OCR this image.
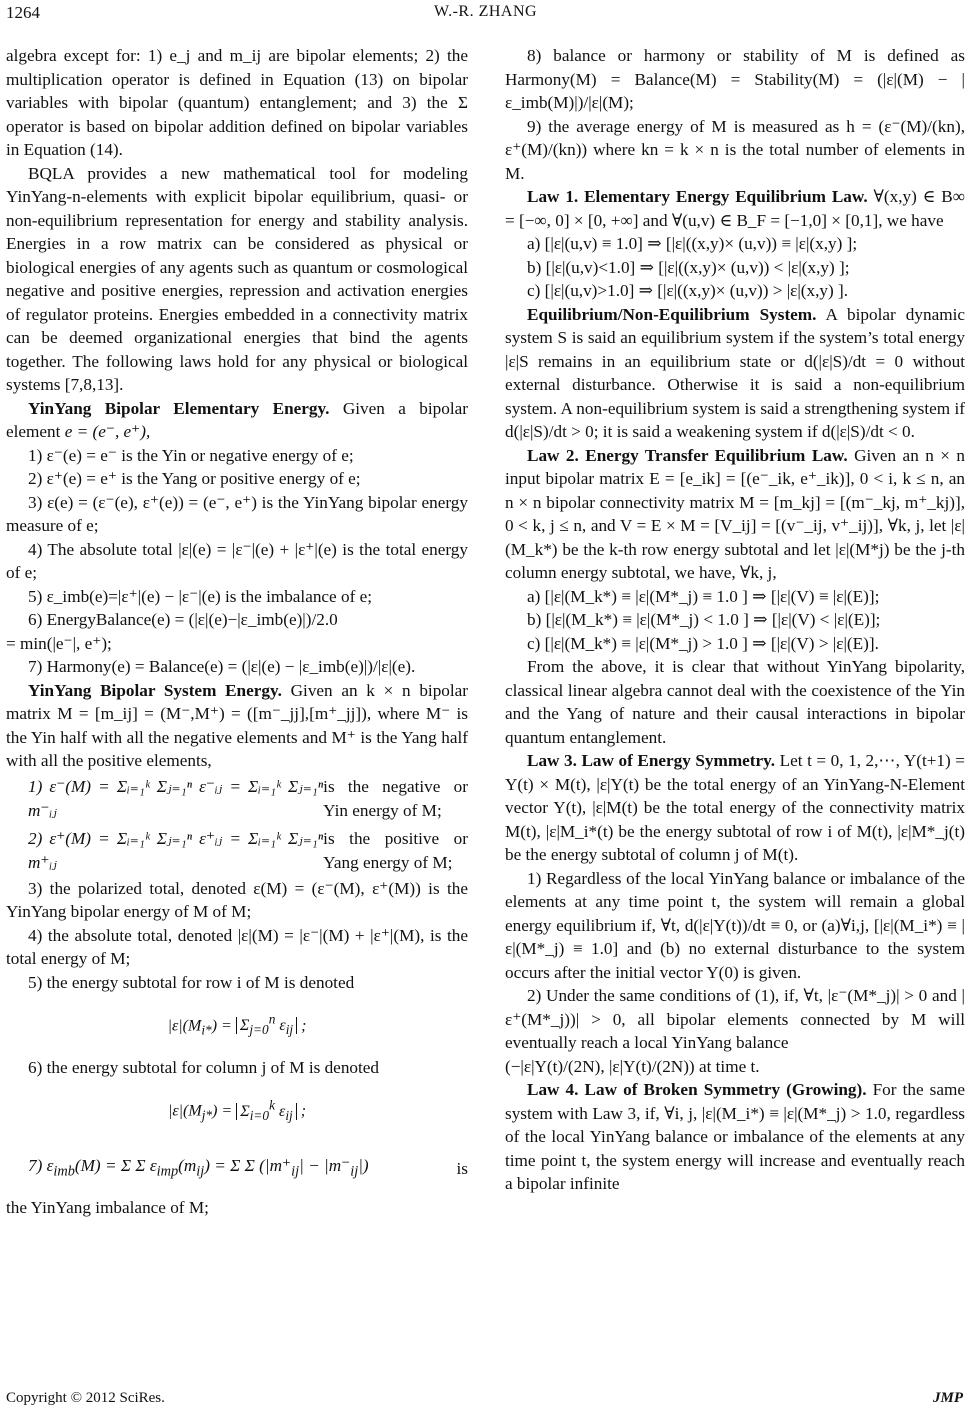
1264	W.-R. ZHANG

algebra except for: 1) e_j and m_ij are bipolar elements; 2) the multiplication operator is defined in Equation (13) on bipolar variables with bipolar (quantum) entanglement; and 3) the Σ operator is based on bipolar addition defined on bipolar variables in Equation (14).

BQLA provides a new mathematical tool for modeling YinYang-n-elements with explicit bipolar equilibrium, quasi- or non-equilibrium representation for energy and stability analysis. Energies in a row matrix can be considered as physical or biological energies of any agents such as quantum or cosmological negative and positive energies, repression and activation energies of regulator proteins. Energies embedded in a connectivity matrix can be deemed organizational energies that bind the agents together. The following laws hold for any physical or biological systems [7,8,13].

YinYang Bipolar Elementary Energy. Given a bipolar element e = (e⁻, e⁺),

1) ε⁻(e) = e⁻ is the Yin or negative energy of e;

2) ε⁺(e) = e⁺ is the Yang or positive energy of e;

3) ε(e) = (ε⁻(e), ε⁺(e)) = (e⁻, e⁺) is the YinYang bipolar energy measure of e;

4) The absolute total |ε|(e) = |ε⁻|(e) + |ε⁺|(e) is the total energy of e;

5) ε_imb(e)=|ε⁺|(e) − |ε⁻|(e) is the imbalance of e;

6) EnergyBalance(e) = (|ε|(e)−|ε_imb(e)|)/2.0

= min(|e⁻|, e⁺);

7) Harmony(e) = Balance(e) = (|ε|(e) − |ε_imb(e)|)/|ε|(e).

YinYang Bipolar System Energy. Given an k × n bipolar matrix M = [m_ij] = (M⁻,M⁺) = ([m⁻_jj],[m⁺_jj]), where M⁻ is the Yin half with all the negative elements and M⁺ is the Yang half with all the positive elements,

1) ε⁻(M) = Σᵢ₌₁ᵏ Σⱼ₌₁ⁿ ε⁻ᵢⱼ = Σᵢ₌₁ᵏ Σⱼ₌₁ⁿ m⁻ᵢⱼ
is the negative or Yin energy of M;
2) ε⁺(M) = Σᵢ₌₁ᵏ Σⱼ₌₁ⁿ ε⁺ᵢⱼ = Σᵢ₌₁ᵏ Σⱼ₌₁ⁿ m⁺ᵢⱼ
is the positive or Yang energy of M;

3) the polarized total, denoted ε(M) = (ε⁻(M), ε⁺(M)) is the YinYang bipolar energy of M of M;

4) the absolute total, denoted |ε|(M) = |ε⁻|(M) + |ε⁺|(M), is the total energy of M;

5) the energy subtotal for row i of M is denoted

$|\varepsilon|(M_{i*}) = \Sigma_{j=0}^n$ $\varepsilon_{ij}$ ;

6) the energy subtotal for column j of M is denoted

$|\varepsilon|(M_{j*}) = \Sigma_{i=0}^k$ $\varepsilon_{ij}$ ;
7) $\varepsilon_{imb}(M) = \Sigma$ Σ $\varepsilon_{imp}(m_{ij}) = \Sigma$ Σ $(|m^+_{ij}| - |m^-_{ij}|)$	is

the YinYang imbalance of M;

8) balance or harmony or stability of M is defined as Harmony(M) = Balance(M) = Stability(M) = (|ε|(M) − |ε_imb(M)|)/|ε|(M);

9) the average energy of M is measured as h = (ε⁻(M)/(kn), ε⁺(M)/(kn)) where kn = k × n is the total number of elements in M.

Law 1. Elementary Energy Equilibrium Law. ∀(x,y) ∈ B∞ = [−∞, 0] × [0, +∞] and ∀(u,v) ∈ B_F = [−1,0] × [0,1], we have

a) [|ε|(u,v) ≡ 1.0] ⇒ [|ε|((x,y)× (u,v)) ≡ |ε|(x,y) ];

b) [|ε|(u,v)<1.0] ⇒ [|ε|((x,y)× (u,v)) < |ε|(x,y) ];

c) [|ε|(u,v)>1.0] ⇒ [|ε|((x,y)× (u,v)) > |ε|(x,y) ].

Equilibrium/Non-Equilibrium System. A bipolar dynamic system S is said an equilibrium system if the system’s total energy |ε|S remains in an equilibrium state or d(|ε|S)/dt = 0 without external disturbance. Otherwise it is said a non-equilibrium system. A non-equilibrium system is said a strengthening system if d(|ε|S)/dt > 0; it is said a weakening system if d(|ε|S)/dt < 0.

Law 2. Energy Transfer Equilibrium Law. Given an n × n input bipolar matrix E = [e_ik] = [(e⁻_ik, e⁺_ik)], 0 < i, k ≤ n, an n × n bipolar connectivity matrix M = [m_kj] = [(m⁻_kj, m⁺_kj)], 0 < k, j ≤ n, and V = E × M = [V_ij] = [(v⁻_ij, v⁺_ij)], ∀k, j, let |ε|(M_k*) be the k-th row energy subtotal and let |ε|(M*j) be the j-th column energy subtotal, we have, ∀k, j,

a) [|ε|(M_k*) ≡ |ε|(M*_j) ≡ 1.0 ] ⇒ [|ε|(V) ≡ |ε|(E)];

b) [|ε|(M_k*) ≡ |ε|(M*_j) < 1.0 ] ⇒ [|ε|(V) < |ε|(E)];

c) [|ε|(M_k*) ≡ |ε|(M*_j) > 1.0 ] ⇒ [|ε|(V) > |ε|(E)].

From the above, it is clear that without YinYang bipolarity, classical linear algebra cannot deal with the coexistence of the Yin and the Yang of nature and their causal interactions in bipolar quantum entanglement.

Law 3. Law of Energy Symmetry. Let t = 0, 1, 2,⋯, Y(t+1) = Y(t) × M(t), |ε|Y(t) be the total energy of an YinYang-N-Element vector Y(t), |ε|M(t) be the total energy of the connectivity matrix M(t), |ε|M_i*(t) be the energy subtotal of row i of M(t), |ε|M*_j(t) be the energy subtotal of column j of M(t).

1) Regardless of the local YinYang balance or imbalance of the elements at any time point t, the system will remain a global energy equilibrium if, ∀t, d(|ε|Y(t))/dt ≡ 0, or (a)∀i,j, [|ε|(M_i*) ≡ |ε|(M*_j) ≡ 1.0] and (b) no external disturbance to the system occurs after the initial vector Y(0) is given.

2) Under the same conditions of (1), if, ∀t, |ε⁻(M*_j)| > 0 and |ε⁺(M*_j))| > 0, all bipolar elements connected by M will eventually reach a local YinYang balance

(−|ε|Y(t)/(2N), |ε|Y(t)/(2N)) at time t.

Law 4. Law of Broken Symmetry (Growing). For the same system with Law 3, if, ∀i, j, |ε|(M_i*) ≡ |ε|(M*_j) > 1.0, regardless of the local YinYang balance or imbalance of the elements at any time point t, the system energy will increase and eventually reach a bipolar infinite

Copyright © 2012 SciRes.	JMP
